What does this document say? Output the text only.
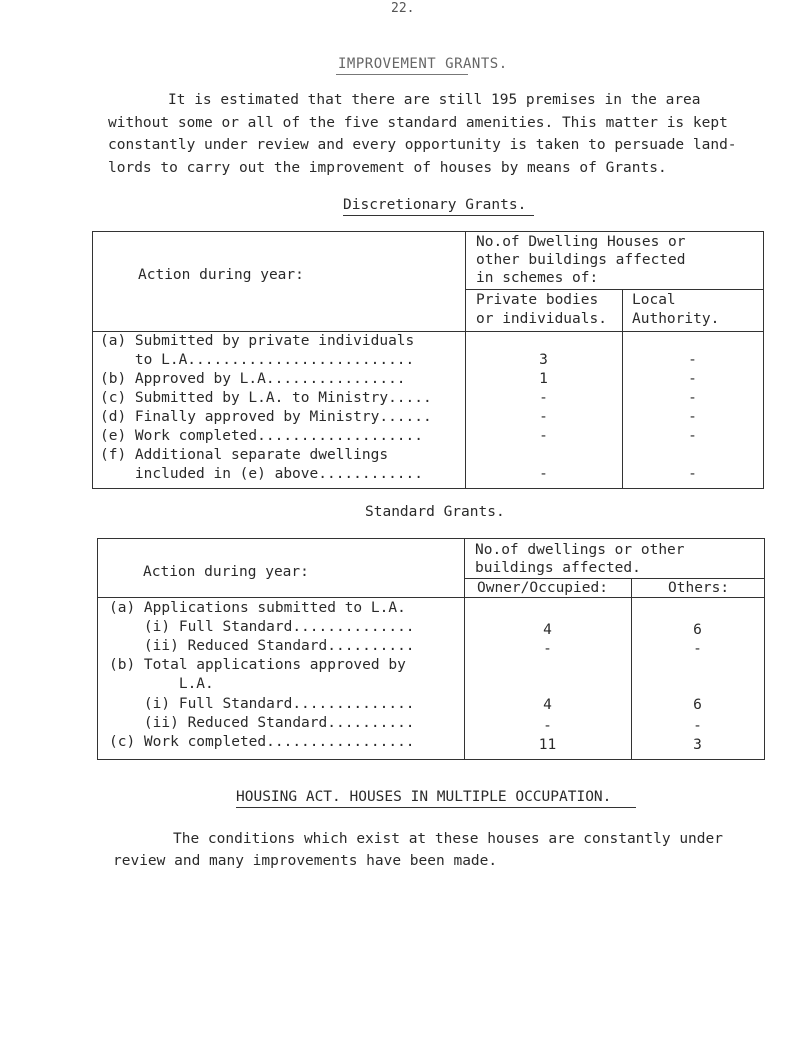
22.
IMPROVEMENT GRANTS.
It is estimated that there are still 195 premises in the area
without some or all of the five standard amenities. This matter is kept
constantly under review and every opportunity is taken to persuade land-
lords to carry out the improvement of houses by means of Grants.
Discretionary Grants.
Action during year:
No.of Dwelling Houses or
other buildings affected
in schemes of:
Private bodies
or individuals.
Local
Authority.
(a) Submitted by private individuals
to L.A..........................	3	-
(b) Approved by L.A................	1	-
(c) Submitted by L.A. to Ministry.....	-	-
(d) Finally approved by Ministry......	-	-
(e) Work completed...................	-	-
(f) Additional separate dwellings
included in (e) above............	-	-
Standard Grants.
Action during year:
No.of dwellings or other
buildings affected.
Owner/Occupied:	Others:
(a) Applications submitted to L.A.
(i) Full Standard..............	4	6
(ii) Reduced Standard..........	-	-
(b) Total applications approved by
L.A.
(i) Full Standard..............	4	6
(ii) Reduced Standard..........	-	-
(c) Work completed.................	11	3
HOUSING ACT. HOUSES IN MULTIPLE OCCUPATION.
The conditions which exist at these houses are constantly under
review and many improvements have been made.
